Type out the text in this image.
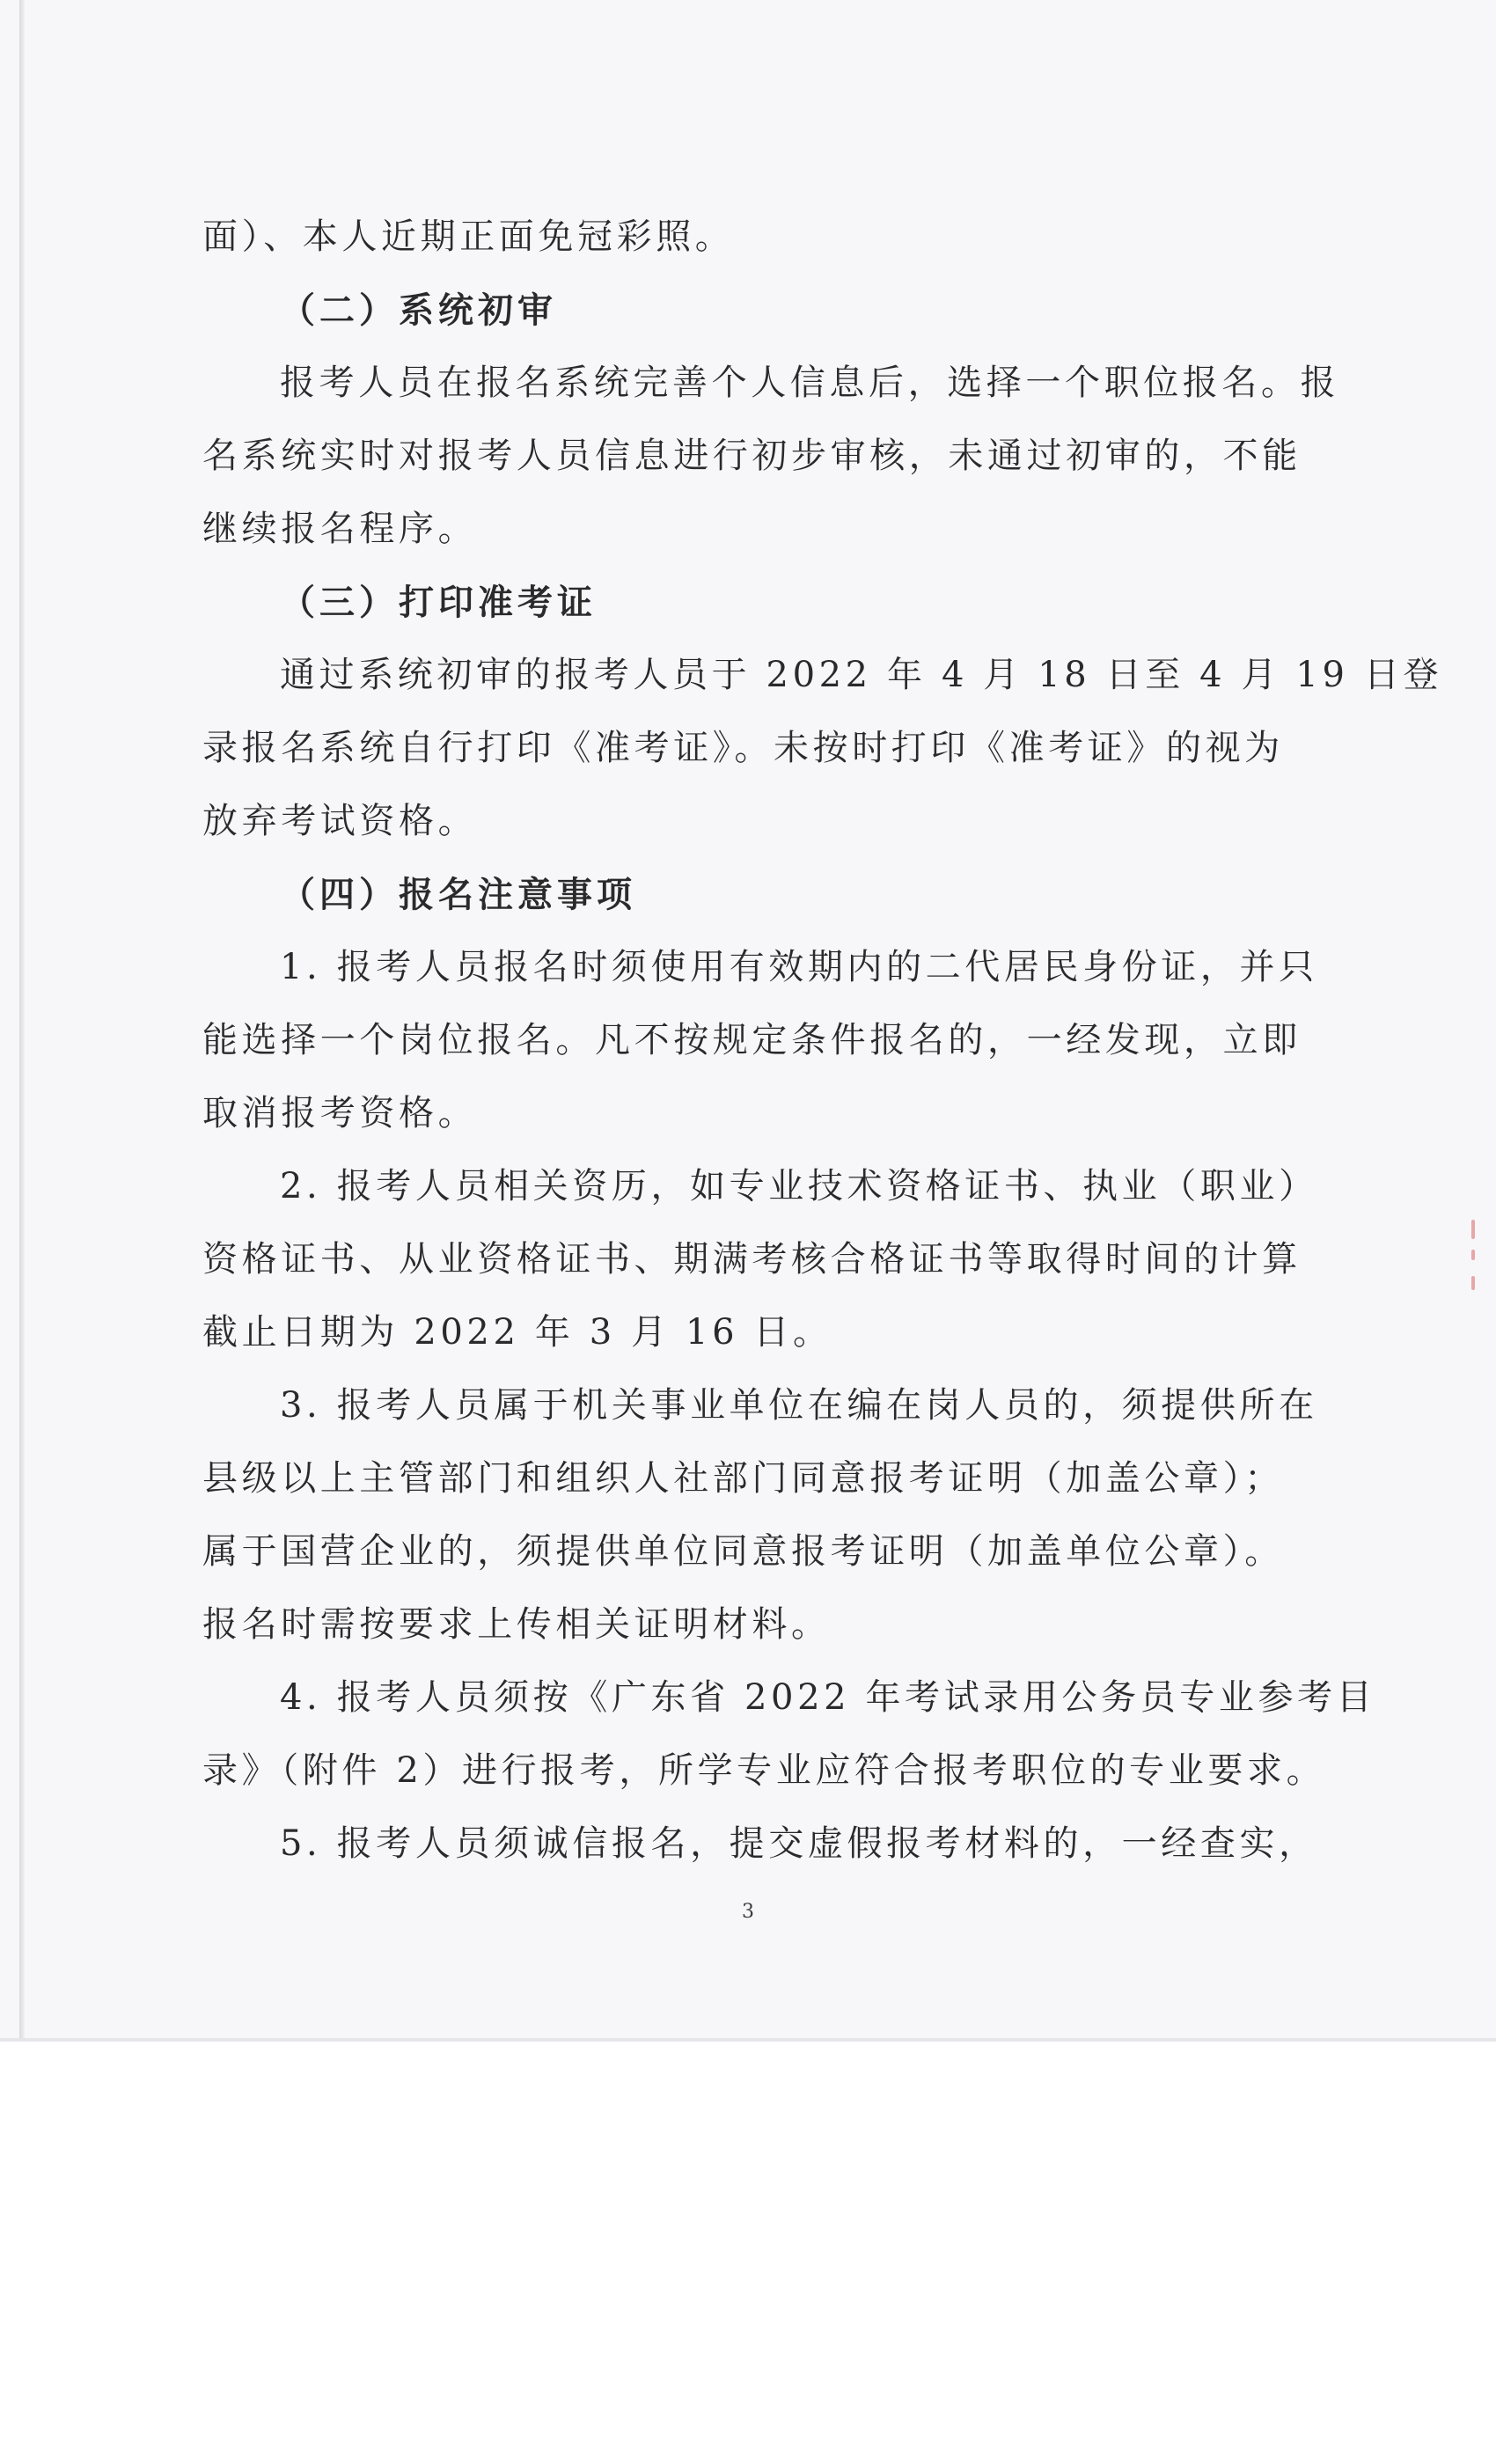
面）、本人近期正面免冠彩照。
（二）系统初审
报考人员在报名系统完善个人信息后，选择一个职位报名。报
名系统实时对报考人员信息进行初步审核，未通过初审的，不能
继续报名程序。
（三）打印准考证
通过系统初审的报考人员于 2022 年 4 月 18 日至 4 月 19 日登
录报名系统自行打印《准考证》。未按时打印《准考证》的视为
放弃考试资格。
（四）报名注意事项
1. 报考人员报名时须使用有效期内的二代居民身份证，并只
能选择一个岗位报名。凡不按规定条件报名的，一经发现，立即
取消报考资格。
2. 报考人员相关资历，如专业技术资格证书、执业（职业）
资格证书、从业资格证书、期满考核合格证书等取得时间的计算
截止日期为 2022 年 3 月 16 日。
3. 报考人员属于机关事业单位在编在岗人员的，须提供所在
县级以上主管部门和组织人社部门同意报考证明（加盖公章）；
属于国营企业的，须提供单位同意报考证明（加盖单位公章）。
报名时需按要求上传相关证明材料。
4. 报考人员须按《广东省 2022 年考试录用公务员专业参考目
录》（附件 2）进行报考，所学专业应符合报考职位的专业要求。
5. 报考人员须诚信报名，提交虚假报考材料的，一经查实，
3
